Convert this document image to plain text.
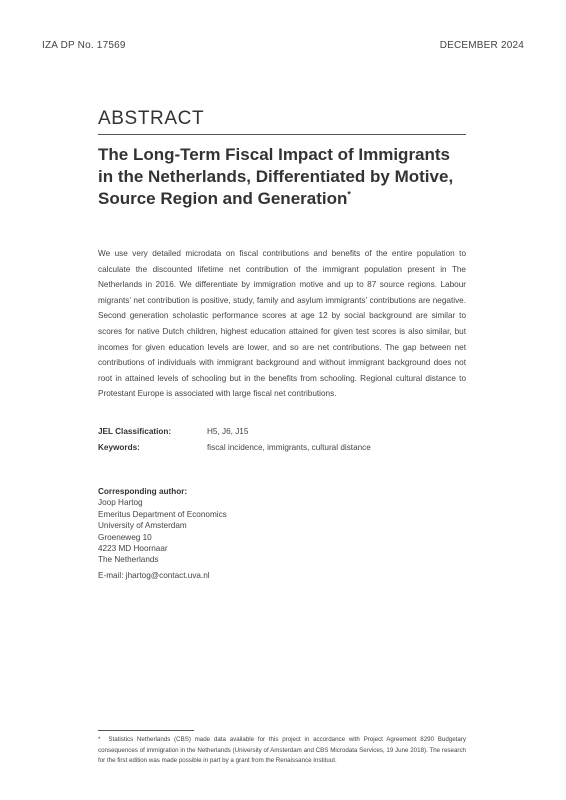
IZA DP No. 17569	DECEMBER 2024
ABSTRACT
The Long-Term Fiscal Impact of Immigrants in the Netherlands, Differentiated by Motive, Source Region and Generation*
We use very detailed microdata on fiscal contributions and benefits of the entire population to calculate the discounted lifetime net contribution of the immigrant population present in The Netherlands in 2016. We differentiate by immigration motive and up to 87 source regions. Labour migrants’ net contribution is positive, study, family and asylum immigrants’ contributions are negative. Second generation scholastic performance scores at age 12 by social background are similar to scores for native Dutch children, highest education attained for given test scores is also similar, but incomes for given education levels are lower, and so are net contributions. The gap between net contributions of individuals with immigrant background and without immigrant background does not root in attained levels of schooling but in the benefits from schooling. Regional cultural distance to Protestant Europe is associated with large fiscal net contributions.
JEL Classification:	H5, J6, J15
Keywords:	fiscal incidence, immigrants, cultural distance
Corresponding author:
Joop Hartog
Emeritus Department of Economics
University of Amsterdam
Groeneweg 10
4223 MD Hoornaar
The Netherlands
E-mail: jhartog@contact.uva.nl
* Statistics Netherlands (CBS) made data available for this project in accordance with Project Agreement 8290 Budgetary consequences of immigration in the Netherlands (University of Amsterdam and CBS Microdata Services, 19 June 2018). The research for the first edition was made possible in part by a grant from the Renaissance Instituut.
